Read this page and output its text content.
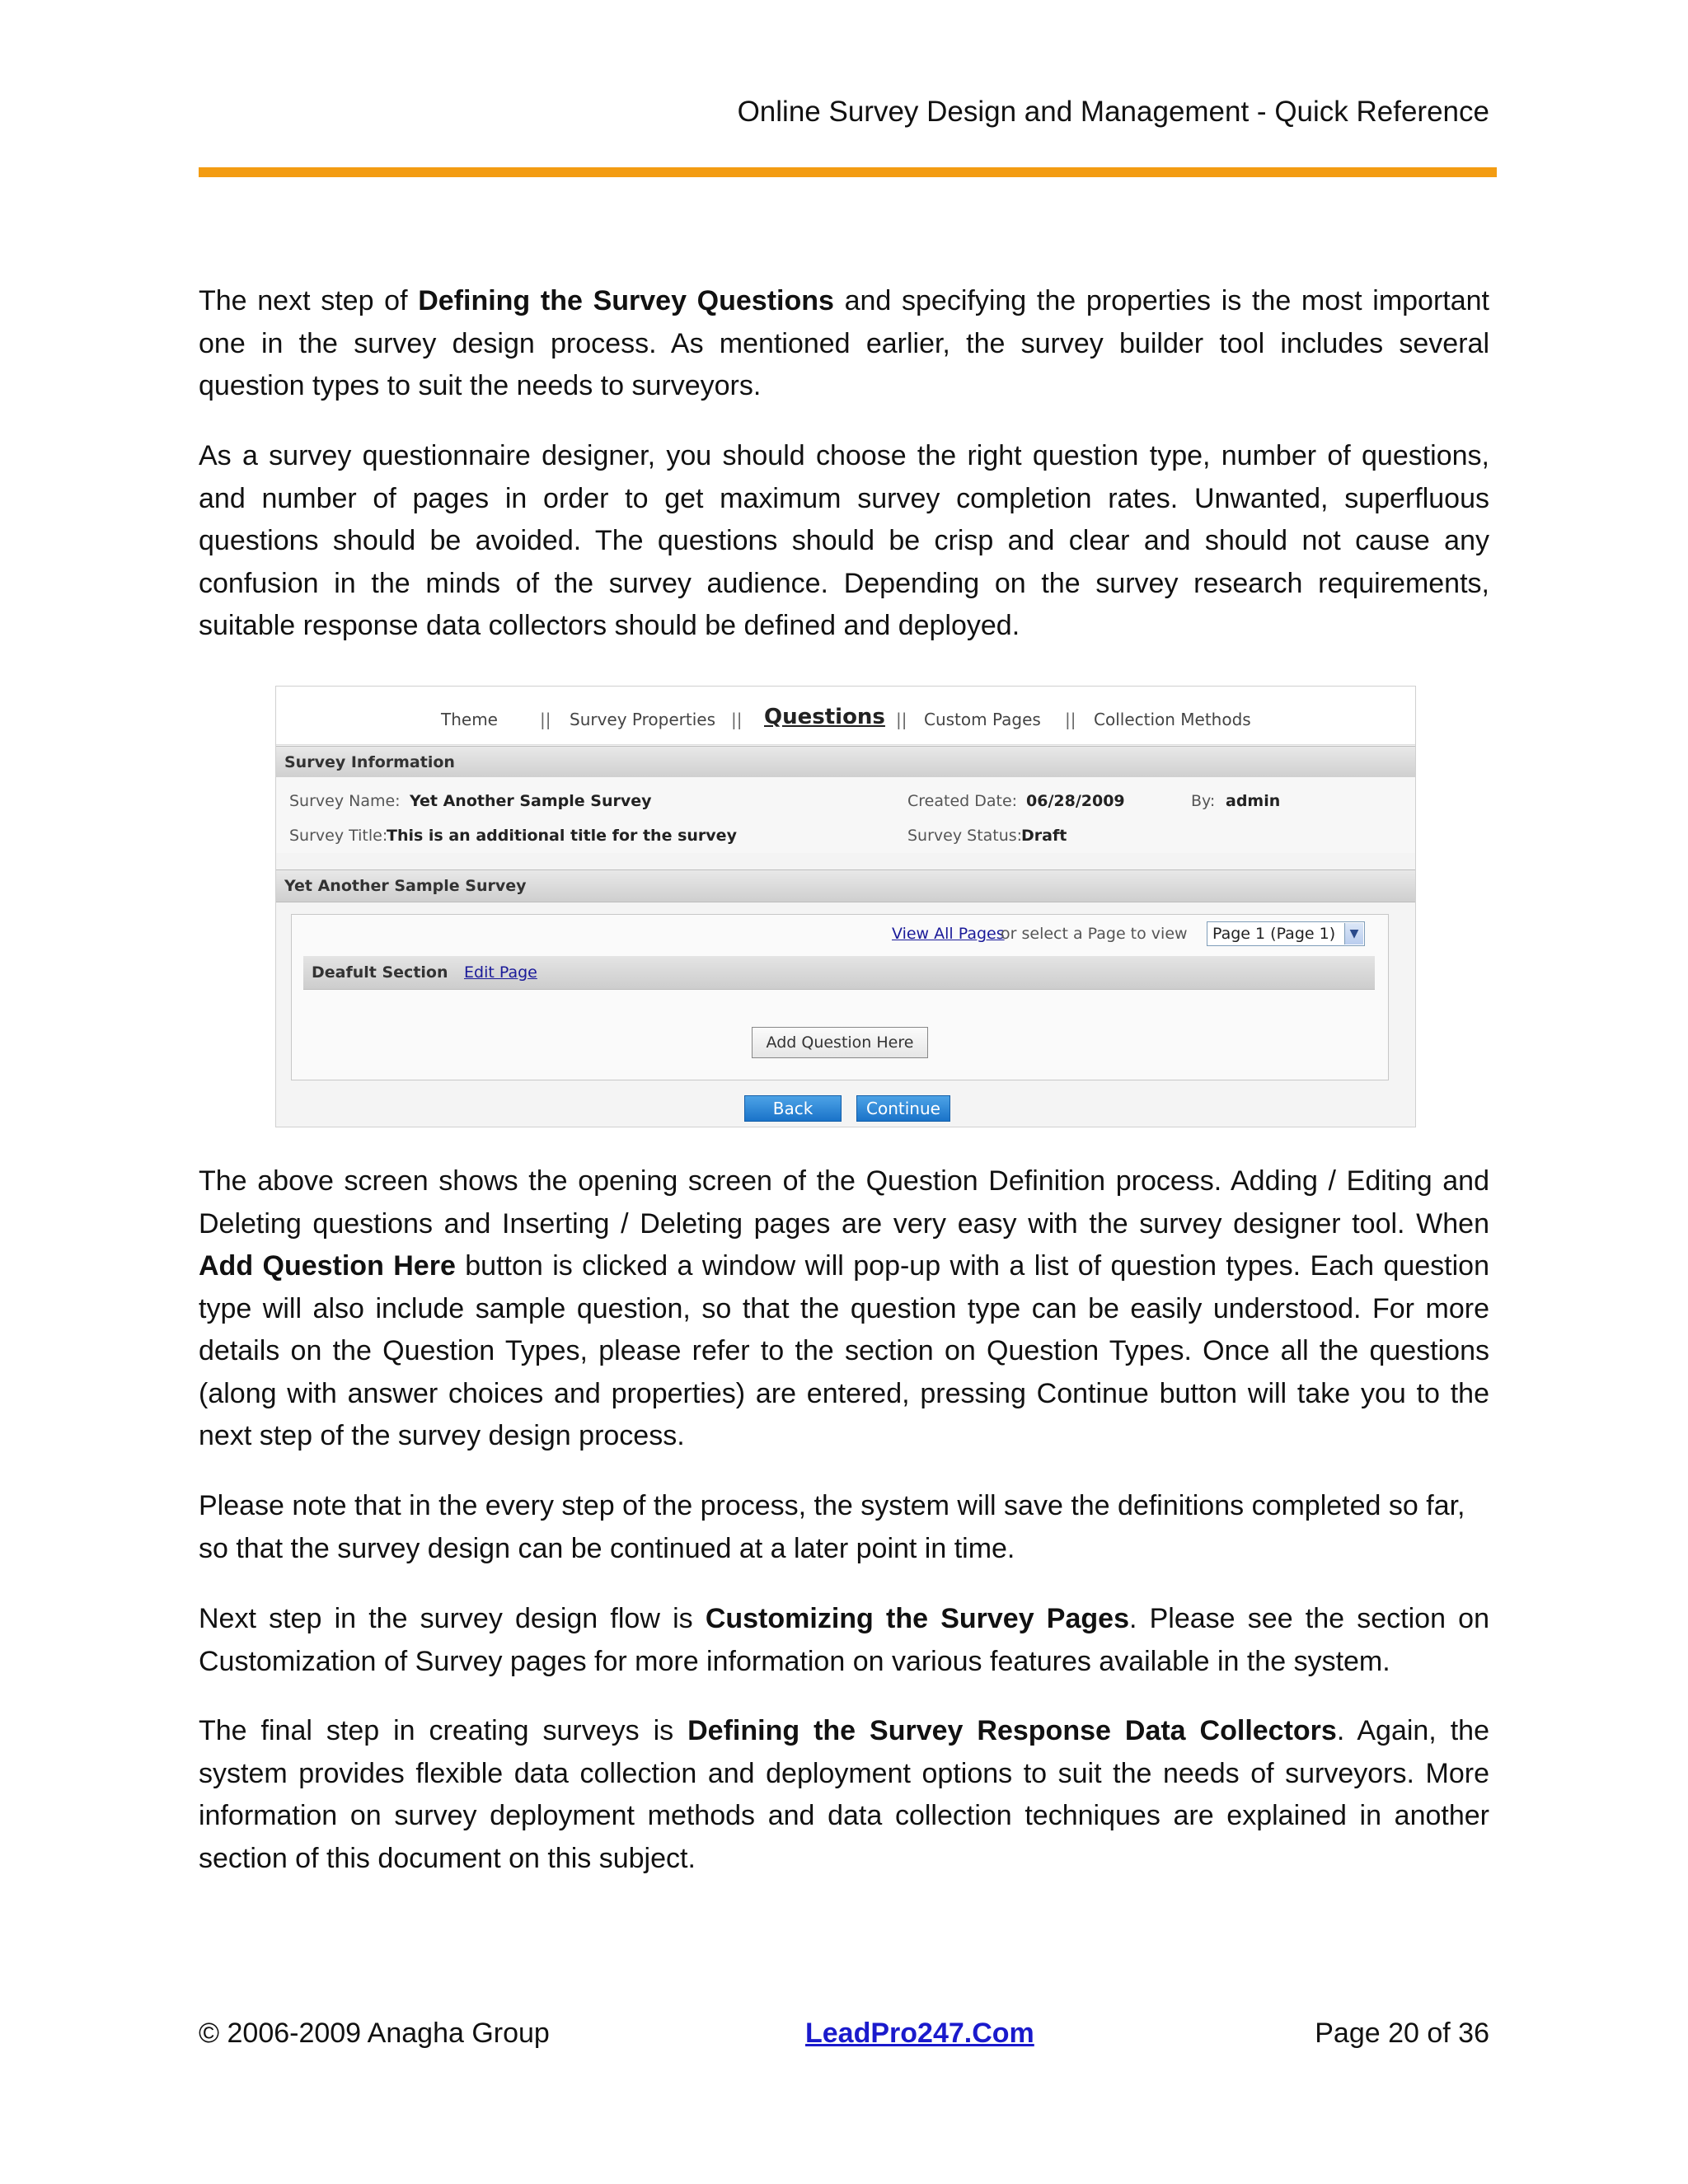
Online Survey Design and Management - Quick Reference
The next step of Defining the Survey Questions and specifying the properties is the most important one in the survey design process. As mentioned earlier, the survey builder tool includes several question types to suit the needs to surveyors.
As a survey questionnaire designer, you should choose the right question type, number of questions, and number of pages in order to get maximum survey completion rates. Unwanted, superfluous questions should be avoided. The questions should be crisp and clear and should not cause any confusion in the minds of the survey audience. Depending on the survey research requirements, suitable response data collectors should be defined and deployed.
Theme	|| Survey Properties || Questions || Custom Pages || Collection Methods
Survey Information
Survey Name: Yet Another Sample Survey
Survey Title:
This is an additional title for the survey
Created Date: 06/28/2009	By: admin
Survey Status:
Draft
Yet Another Sample Survey
View All Pages
or select a Page to view Page 1 (Page 1)	▼
Deafult Section Edit Page
Add Question Here
Back	Continue
The above screen shows the opening screen of the Question Definition process. Adding / Editing and Deleting questions and Inserting / Deleting pages are very easy with the survey designer tool. When Add Question Here button is clicked a window will pop-up with a list of question types. Each question type will also include sample question, so that the question type can be easily understood. For more details on the Question Types, please refer to the section on Question Types. Once all the questions (along with answer choices and properties) are entered, pressing Continue button will take you to the next step of the survey design process.
Please note that in the every step of the process, the system will save the definitions completed so far,
so that the survey design can be continued at a later point in time.
Next step in the survey design flow is Customizing the Survey Pages. Please see the section on Customization of Survey pages for more information on various features available in the system.
The final step in creating surveys is Defining the Survey Response Data Collectors. Again, the system provides flexible data collection and deployment options to suit the needs of surveyors. More information on survey deployment methods and data collection techniques are explained in another section of this document on this subject.
© 2006-2009 Anagha Group	LeadPro247.Com	Page 20 of 36
